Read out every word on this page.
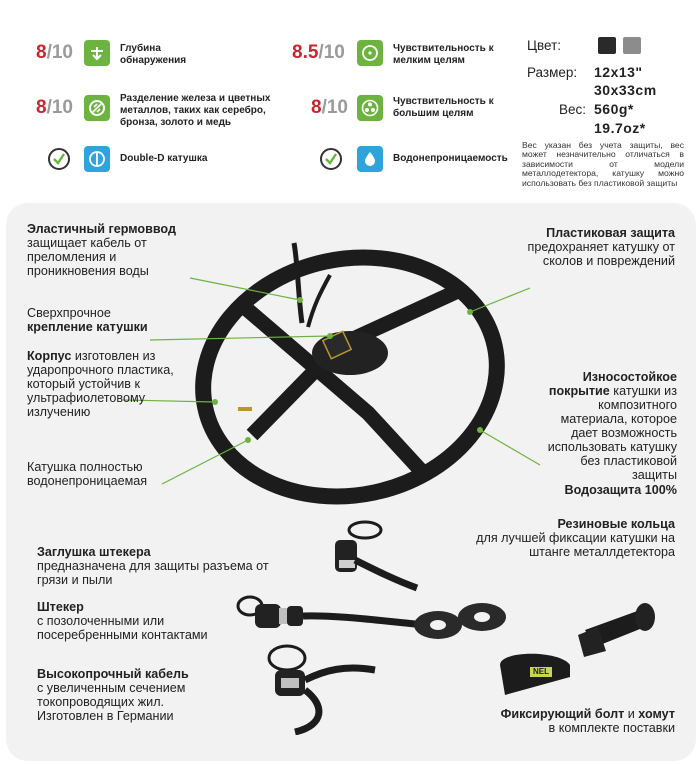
8/10	Глубина обнаружения
8/10	Разделение железа и цветных металлов, таких как серебро, бронза, золото и медь
Double-D катушка
8.5/10	Чувствительность к мелким целям
8/10	Чувствительность к большим целям
Водонепроницаемость
Цвет:
Размер: 12x13"
30x33cm
Вес: 560g*
19.7oz*
Вес указан без учета защиты, вес может незначительно отличаться в зависимости от модели металлодетектора, катушку можно использовать без пластиковой защиты
Эластичный гермоввод
защищает кабель от преломления и проникновения воды
Сверхпрочное
крепление катушки
Корпус изготовлен из ударопрочного пластика, который устойчив к ультрафиолетовому излучению
Катушка полностью водонепроницаемая
Пластиковая защита
предохраняет катушку от сколов и повреждений
Износостойкое покрытие катушки из композитного материала, которое дает возможность использовать катушку без пластиковой защиты
Водозащита 100%
Заглушка штекера
предназначена для защиты разъема от грязи и пыли
Штекер
с позолоченными или посеребренными контактами
Высокопрочный кабель
с увеличенным сечением токопроводящих жил. Изготовлен в Германии
Резиновые кольца
для лучшей фиксации катушки на штанге металлдетектора
Фиксирующий болт и хомут
в комплекте поставки
NEL
